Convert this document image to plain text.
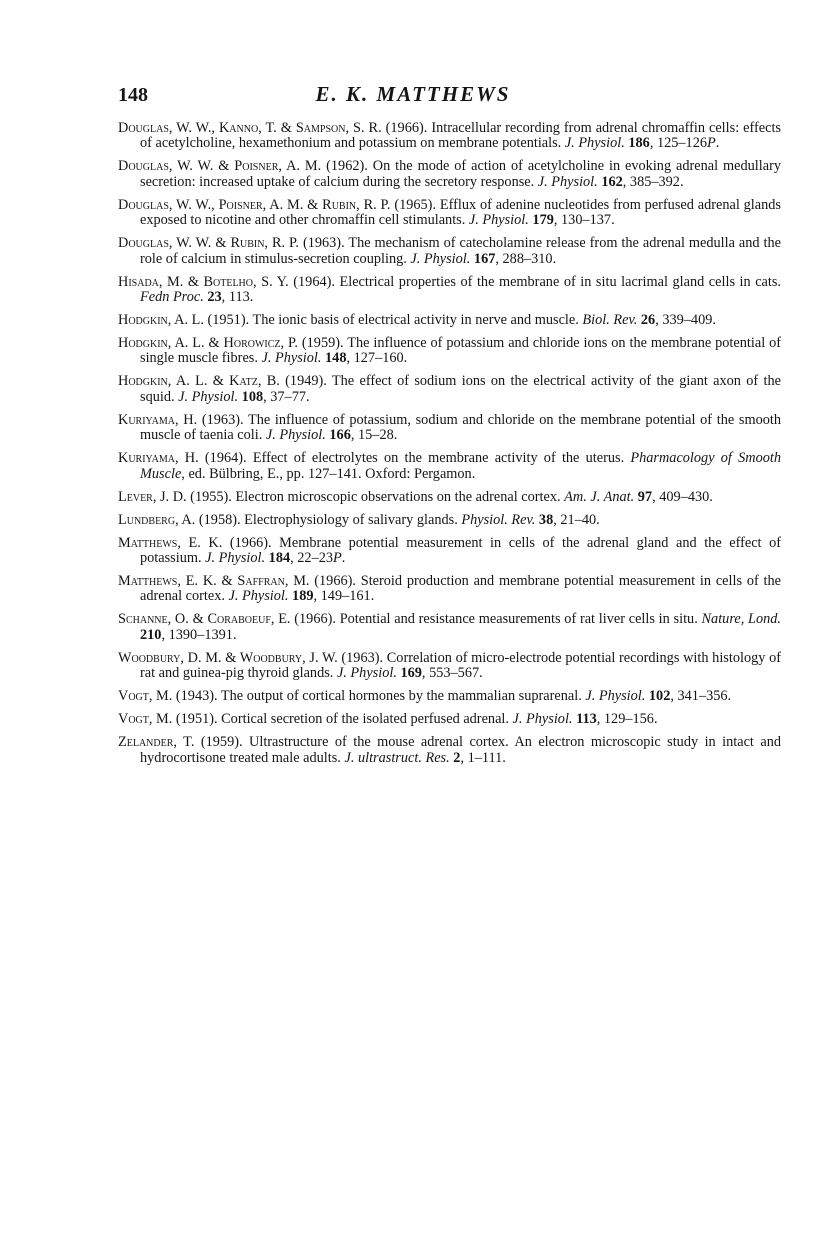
148	E. K. MATTHEWS
Douglas, W. W., Kanno, T. & Sampson, S. R. (1966). Intracellular recording from adrenal chromaffin cells: effects of acetylcholine, hexamethonium and potassium on membrane potentials. J. Physiol. 186, 125–126P.
Douglas, W. W. & Poisner, A. M. (1962). On the mode of action of acetylcholine in evoking adrenal medullary secretion: increased uptake of calcium during the secretory response. J. Physiol. 162, 385–392.
Douglas, W. W., Poisner, A. M. & Rubin, R. P. (1965). Efflux of adenine nucleotides from perfused adrenal glands exposed to nicotine and other chromaffin cell stimulants. J. Physiol. 179, 130–137.
Douglas, W. W. & Rubin, R. P. (1963). The mechanism of catecholamine release from the adrenal medulla and the role of calcium in stimulus-secretion coupling. J. Physiol. 167, 288–310.
Hisada, M. & Botelho, S. Y. (1964). Electrical properties of the membrane of in situ lacrimal gland cells in cats. Fedn Proc. 23, 113.
Hodgkin, A. L. (1951). The ionic basis of electrical activity in nerve and muscle. Biol. Rev. 26, 339–409.
Hodgkin, A. L. & Horowicz, P. (1959). The influence of potassium and chloride ions on the membrane potential of single muscle fibres. J. Physiol. 148, 127–160.
Hodgkin, A. L. & Katz, B. (1949). The effect of sodium ions on the electrical activity of the giant axon of the squid. J. Physiol. 108, 37–77.
Kuriyama, H. (1963). The influence of potassium, sodium and chloride on the membrane potential of the smooth muscle of taenia coli. J. Physiol. 166, 15–28.
Kuriyama, H. (1964). Effect of electrolytes on the membrane activity of the uterus. Pharmacology of Smooth Muscle, ed. Bülbring, E., pp. 127–141. Oxford: Pergamon.
Lever, J. D. (1955). Electron microscopic observations on the adrenal cortex. Am. J. Anat. 97, 409–430.
Lundberg, A. (1958). Electrophysiology of salivary glands. Physiol. Rev. 38, 21–40.
Matthews, E. K. (1966). Membrane potential measurement in cells of the adrenal gland and the effect of potassium. J. Physiol. 184, 22–23P.
Matthews, E. K. & Saffran, M. (1966). Steroid production and membrane potential measurement in cells of the adrenal cortex. J. Physiol. 189, 149–161.
Schanne, O. & Coraboeuf, E. (1966). Potential and resistance measurements of rat liver cells in situ. Nature, Lond. 210, 1390–1391.
Woodbury, D. M. & Woodbury, J. W. (1963). Correlation of micro-electrode potential recordings with histology of rat and guinea-pig thyroid glands. J. Physiol. 169, 553–567.
Vogt, M. (1943). The output of cortical hormones by the mammalian suprarenal. J. Physiol. 102, 341–356.
Vogt, M. (1951). Cortical secretion of the isolated perfused adrenal. J. Physiol. 113, 129–156.
Zelander, T. (1959). Ultrastructure of the mouse adrenal cortex. An electron microscopic study in intact and hydrocortisone treated male adults. J. ultrastruct. Res. 2, 1–111.
